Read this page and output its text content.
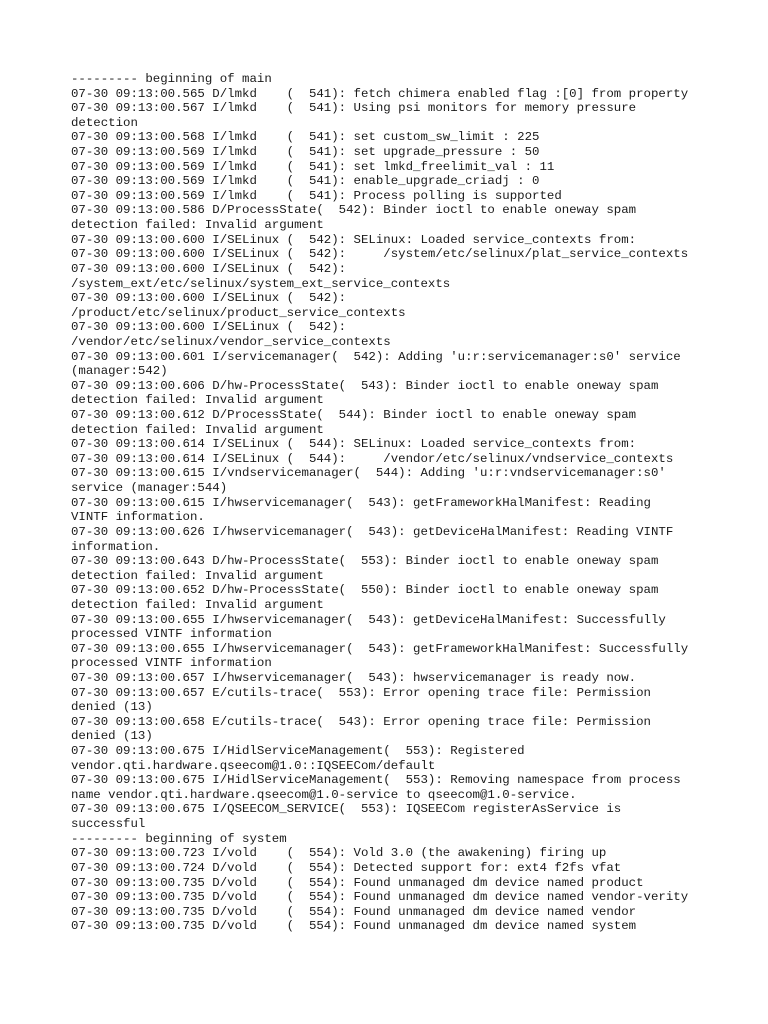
--------- beginning of main
07-30 09:13:00.565 D/lmkd    (  541): fetch chimera enabled flag :[0] from property
07-30 09:13:00.567 I/lmkd    (  541): Using psi monitors for memory pressure
detection
07-30 09:13:00.568 I/lmkd    (  541): set custom_sw_limit : 225
07-30 09:13:00.569 I/lmkd    (  541): set upgrade_pressure : 50
07-30 09:13:00.569 I/lmkd    (  541): set lmkd_freelimit_val : 11
07-30 09:13:00.569 I/lmkd    (  541): enable_upgrade_criadj : 0
07-30 09:13:00.569 I/lmkd    (  541): Process polling is supported
07-30 09:13:00.586 D/ProcessState(  542): Binder ioctl to enable oneway spam
detection failed: Invalid argument
07-30 09:13:00.600 I/SELinux (  542): SELinux: Loaded service_contexts from:
07-30 09:13:00.600 I/SELinux (  542):     /system/etc/selinux/plat_service_contexts
07-30 09:13:00.600 I/SELinux (  542):
/system_ext/etc/selinux/system_ext_service_contexts
07-30 09:13:00.600 I/SELinux (  542):
/product/etc/selinux/product_service_contexts
07-30 09:13:00.600 I/SELinux (  542):
/vendor/etc/selinux/vendor_service_contexts
07-30 09:13:00.601 I/servicemanager(  542): Adding 'u:r:servicemanager:s0' service
(manager:542)
07-30 09:13:00.606 D/hw-ProcessState(  543): Binder ioctl to enable oneway spam
detection failed: Invalid argument
07-30 09:13:00.612 D/ProcessState(  544): Binder ioctl to enable oneway spam
detection failed: Invalid argument
07-30 09:13:00.614 I/SELinux (  544): SELinux: Loaded service_contexts from:
07-30 09:13:00.614 I/SELinux (  544):     /vendor/etc/selinux/vndservice_contexts
07-30 09:13:00.615 I/vndservicemanager(  544): Adding 'u:r:vndservicemanager:s0'
service (manager:544)
07-30 09:13:00.615 I/hwservicemanager(  543): getFrameworkHalManifest: Reading
VINTF information.
07-30 09:13:00.626 I/hwservicemanager(  543): getDeviceHalManifest: Reading VINTF
information.
07-30 09:13:00.643 D/hw-ProcessState(  553): Binder ioctl to enable oneway spam
detection failed: Invalid argument
07-30 09:13:00.652 D/hw-ProcessState(  550): Binder ioctl to enable oneway spam
detection failed: Invalid argument
07-30 09:13:00.655 I/hwservicemanager(  543): getDeviceHalManifest: Successfully
processed VINTF information
07-30 09:13:00.655 I/hwservicemanager(  543): getFrameworkHalManifest: Successfully
processed VINTF information
07-30 09:13:00.657 I/hwservicemanager(  543): hwservicemanager is ready now.
07-30 09:13:00.657 E/cutils-trace(  553): Error opening trace file: Permission
denied (13)
07-30 09:13:00.658 E/cutils-trace(  543): Error opening trace file: Permission
denied (13)
07-30 09:13:00.675 I/HidlServiceManagement(  553): Registered
vendor.qti.hardware.qseecom@1.0::IQSEECom/default
07-30 09:13:00.675 I/HidlServiceManagement(  553): Removing namespace from process
name vendor.qti.hardware.qseecom@1.0-service to qseecom@1.0-service.
07-30 09:13:00.675 I/QSEECOM_SERVICE(  553): IQSEECom registerAsService is
successful
--------- beginning of system
07-30 09:13:00.723 I/vold    (  554): Vold 3.0 (the awakening) firing up
07-30 09:13:00.724 D/vold    (  554): Detected support for: ext4 f2fs vfat
07-30 09:13:00.735 D/vold    (  554): Found unmanaged dm device named product
07-30 09:13:00.735 D/vold    (  554): Found unmanaged dm device named vendor-verity
07-30 09:13:00.735 D/vold    (  554): Found unmanaged dm device named vendor
07-30 09:13:00.735 D/vold    (  554): Found unmanaged dm device named system
